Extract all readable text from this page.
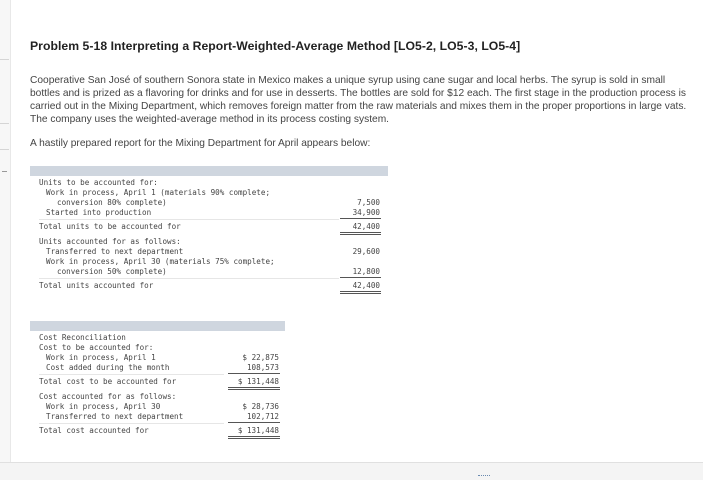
Problem 5-18 Interpreting a Report-Weighted-Average Method [LO5-2, LO5-3, LO5-4]

Cooperative San José of southern Sonora state in Mexico makes a unique syrup using cane sugar and local herbs. The syrup is sold in small bottles and is prized as a flavoring for drinks and for use in desserts. The bottles are sold for $12 each. The first stage in the production process is carried out in the Mixing Department, which removes foreign matter from the raw materials and mixes them in the proper proportions in large vats. The company uses the weighted-average method in its process costing system.

A hastily prepared report for the Mixing Department for April appears below:
Units to be accounted for:
Work in process, April 1 (materials 90% complete;
conversion 80% complete)	7,500
Started into production	34,900
Total units to be accounted for	42,400
Units accounted for as follows:
Transferred to next department	29,600
Work in process, April 30 (materials 75% complete;
conversion 50% complete)	12,800
Total units accounted for	42,400
Cost Reconciliation
Cost to be accounted for:
Work in process, April 1	$ 22,875
Cost added during the month	108,573
Total cost to be accounted for	$ 131,448
Cost accounted for as follows:
Work in process, April 30	$ 28,736
Transferred to next department	102,712
Total cost accounted for	$ 131,448
